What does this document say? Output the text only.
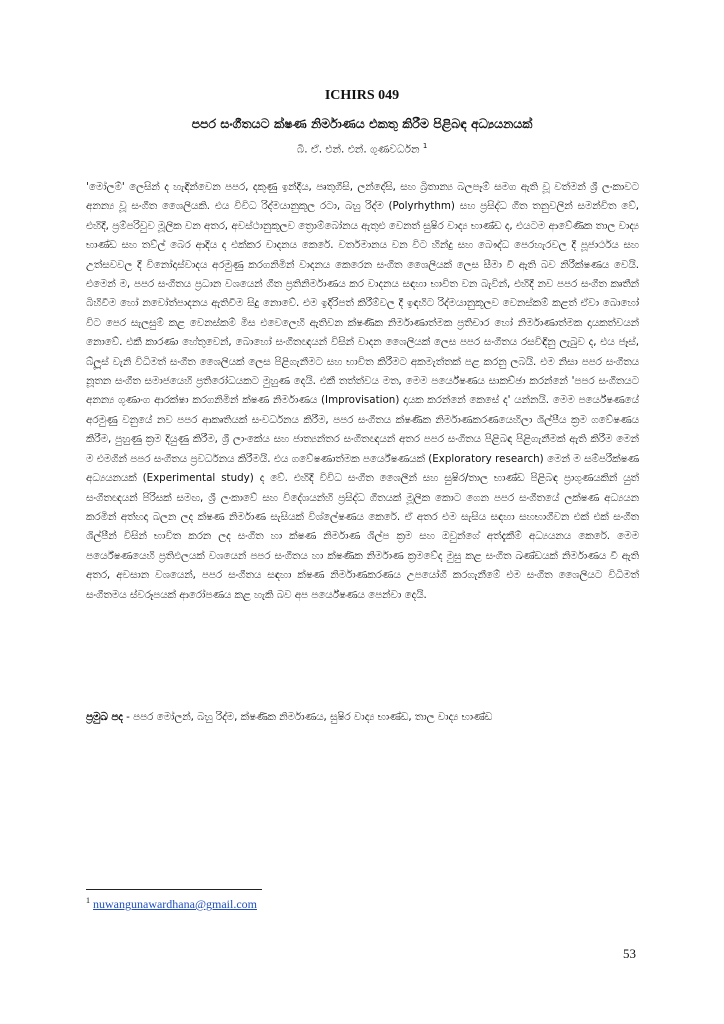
ICHIRS 049
පපර සංගීතයට ක්ෂණ නිර්මාණය එකතු කිරීම පිළිබඳ අධ්‍යයනයක්
බී. ඒ. එන්. එන්. ගුණවර්ධන $^1$

'මෝලම්' ලෙසින් ද හැඳින්වෙන පපර, දකුණු ඉන්දීය, පෘතුගීසි, ලන්දේසි, සහ බ්‍රිතාන්‍ය බලපෑම් සමග ඇති වූ වත්මන් ශ්‍රී ලංකාවට අනන්‍ය වූ සංගීත ශෛලියකි. එය විවිධ රිද්මයානුකූල රටා, බහු රිද්ම (Polyrhythm) සහ ප්‍රසිද්ධ ගීත තනුවලින් සමන්විත වේ, එහිදී, ප්‍රම්පරිවුව මූලික වන අතර, අවස්ථානුකූලව ත්‍රොම්බෝනය ඇතුළු වෙනත් සුෂිර වාද්‍ය භාණ්ඩ ද, එයටම ආවේණික තාල වාද්‍ය භාණ්ඩ සහ තව්ල් බෙර ආදිය ද එක්කර වාදනය කෙරේ. වර්තමානය වන විට හින්දු සහ බෞද්ධ පෙරහැරවල දී පූජාර්ථය සහ උත්සවවල දී විනෝදාස්වාදය අරමුණු කරගනිමින් වාදනය කෙරෙන සංගීත ශෛලියක් ලෙස සීමා වී ඇති බව නිරීක්ෂණය වෙයි. එමෙන් ම, පපර සංගීතය ප්‍රධාන වශයෙන් ගීත ප්‍රතිනිර්මාණය කර වාදනය සඳහා භාවිත වන බැවින්, එහිදී නව පපර සංගීත කෘතීන් බිහිවීම හෝ නවෝත්පාදනය ඇතිවීම සිදු නොවේ. එම ඉදිරිපත් කිරීම්වල දී ඉඳහිට රිද්මයානුකූලව වෙනස්කම් කළත් ඒවා බොහෝ විට පෙර සැලසුම් කළ වෙනස්කම් මිස එවෙලෙහි ඇතිවන ක්ෂණික නිර්මාණාත්මක ප්‍රතිචාර හෝ නිර්මාණාත්මක දායකත්වයන් නොවේ. එකී කාරණා හේතුවෙන්, බොහෝ සංගීතඥයන් විසින් වාදන ශෛලියක් ලෙස පපර සංගීතය රසවිඳිනු ලැබුව ද, එය ජෑස්, බ්ලූස් වැනි විධිමත් සංගීත ශෛලියක් ලෙස පිළිගැනීමට සහ භාවිත කිරීමට අකමැත්තක් පළ කරනු ලබයි. එම නිසා පපර සංගීතය නූතන සංගීත සමාජයෙහි ප්‍රතිරෝධයකට මුහුණ දෙයි. එකී තත්ත්වය මත, මෙම පර්යේෂණය සාකච්ඡා කරන්නේ 'පපර සංගීතයට අනන්‍ය ගුණාංග ආරක්ෂා කරගනිමින් ක්ෂණ නිර්මාණය (Improvisation) දායක කරන්නේ කෙසේ ද' යන්නයි. මෙම පර්යේෂණයේ අරමුණු වනුයේ නව පපර ආකෘතියක් සංවර්ධනය කිරීම, පපර සංගීතය ක්ෂණික නිර්මාණකරණයෙහිලා ශිල්පීය ක්‍රම ගවේෂණය කිරීම, පුහුණු ක්‍රම දියුණු කිරීම, ශ්‍රී ලාංකේය සහ ජාත්‍යන්තර සංගීතඥයන් අතර පපර සංගීතය පිළිබඳ පිළිගැනීමක් ඇති කිරීම මෙන් ම එමගින් පපර සංගීතය ප්‍රවර්ධනය කිරීමයි. එය ගවේෂණාත්මක පර්යේෂණයක් (Exploratory research) මෙන් ම සම්පරීක්ෂණ අධ්‍යයනයක් (Experimental study) ද වේ. එහිදී විවිධ සංගීත ශෛලීන් සහ සුෂිර/තාල භාණ්ඩ පිළිබඳ ප්‍රාගුණයකින් යුත් සංගීතඥයන් පිරිසක් සමඟ, ශ්‍රී ලංකාවේ සහ විදේශයන්හි ප්‍රසිද්ධ ගීතයක් මූලික කොට ගෙන පපර සංගීතයේ ලක්ෂණ අධ්‍යයන කරමින් අත්හදා බලන ලද ක්ෂණ නිර්මාණ සැසියක් විශ්ලේෂණය කෙරේ. ඒ අතර එම සැසිය සඳහා සහභාගීවන එක් එක් සංගීත ශිල්පීන් විසින් භාවිත කරන ලද සංගීත හා ක්ෂණ නිර්මාණ ශිල්ප ක්‍රම සහ ඔවුන්ගේ අත්දැකීම් අධ්‍යයනය කෙරේ. මෙම පර්යේෂණයෙහි ප්‍රතිඵලයක් වශයෙන් පපර සංගීතය හා ක්ෂණික නිර්මාණ ක්‍රමවේද මුසු කළ සංගීත ඛණ්ඩයක් නිර්මාණය වී ඇති අතර, අවසාන වශයෙන්, පපර සංගීතය සඳහා ක්ෂණ නිර්මාණකරණය උපයෝගී කරගැනීමේ එම සංගීත ශෛලියට විධිමත් සංගීතමය ස්වරූපයක් ආරෝපණය කළ හැකි බව අප පර්යේෂණය පෙන්වා දෙයි.

ප්‍රමුඛ පද - පපර මෝලන්, බහු රිද්ම, ක්ෂණික නිර්මාණය, සුෂිර වාද්‍ය භාණ්ඩ, තාල වාද්‍ය භාණ්ඩ

$^1$ nuwangunawardhana@gmail.com
53
